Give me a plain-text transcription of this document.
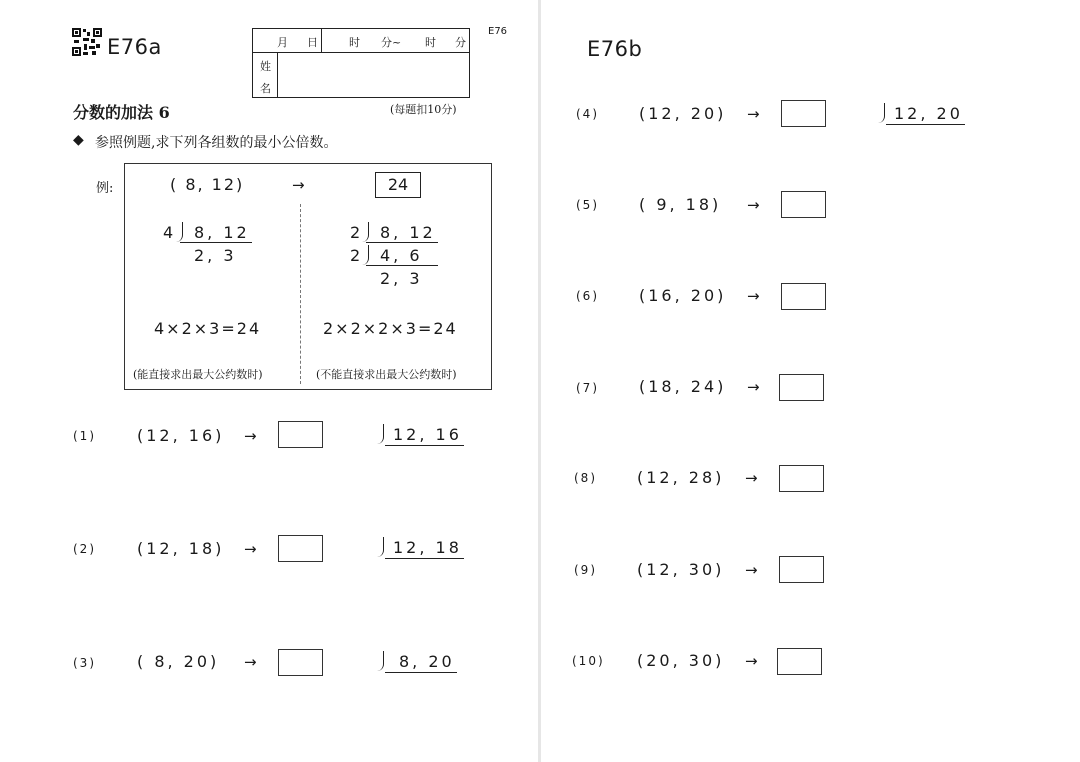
E76a	月 日	时 分~ 时 分
姓
名
E76
分数的加法 6	(每题扣10分)
◆ 参照例题,求下列各组数的最小公倍数。
例:	( 8, 12)	→	24
4 8, 12
2, 3
4×2×3=24
(能直接求出最大公约数时)
2 8, 12
2 4, 6
2, 3
2×2×2×3=24
(不能直接求出最大公约数时)
(1)	(12, 16) →	12, 16
(2)	(12, 18) →	12, 18
(3)	( 8, 20) →	8, 20
E76b
(4)	(12, 20) →	12, 20
(5)	( 9, 18) →
(6)	(16, 20) →
(7)	(18, 24) →
(8)	(12, 28) →
(9)	(12, 30) →
(10) (20, 30) →
